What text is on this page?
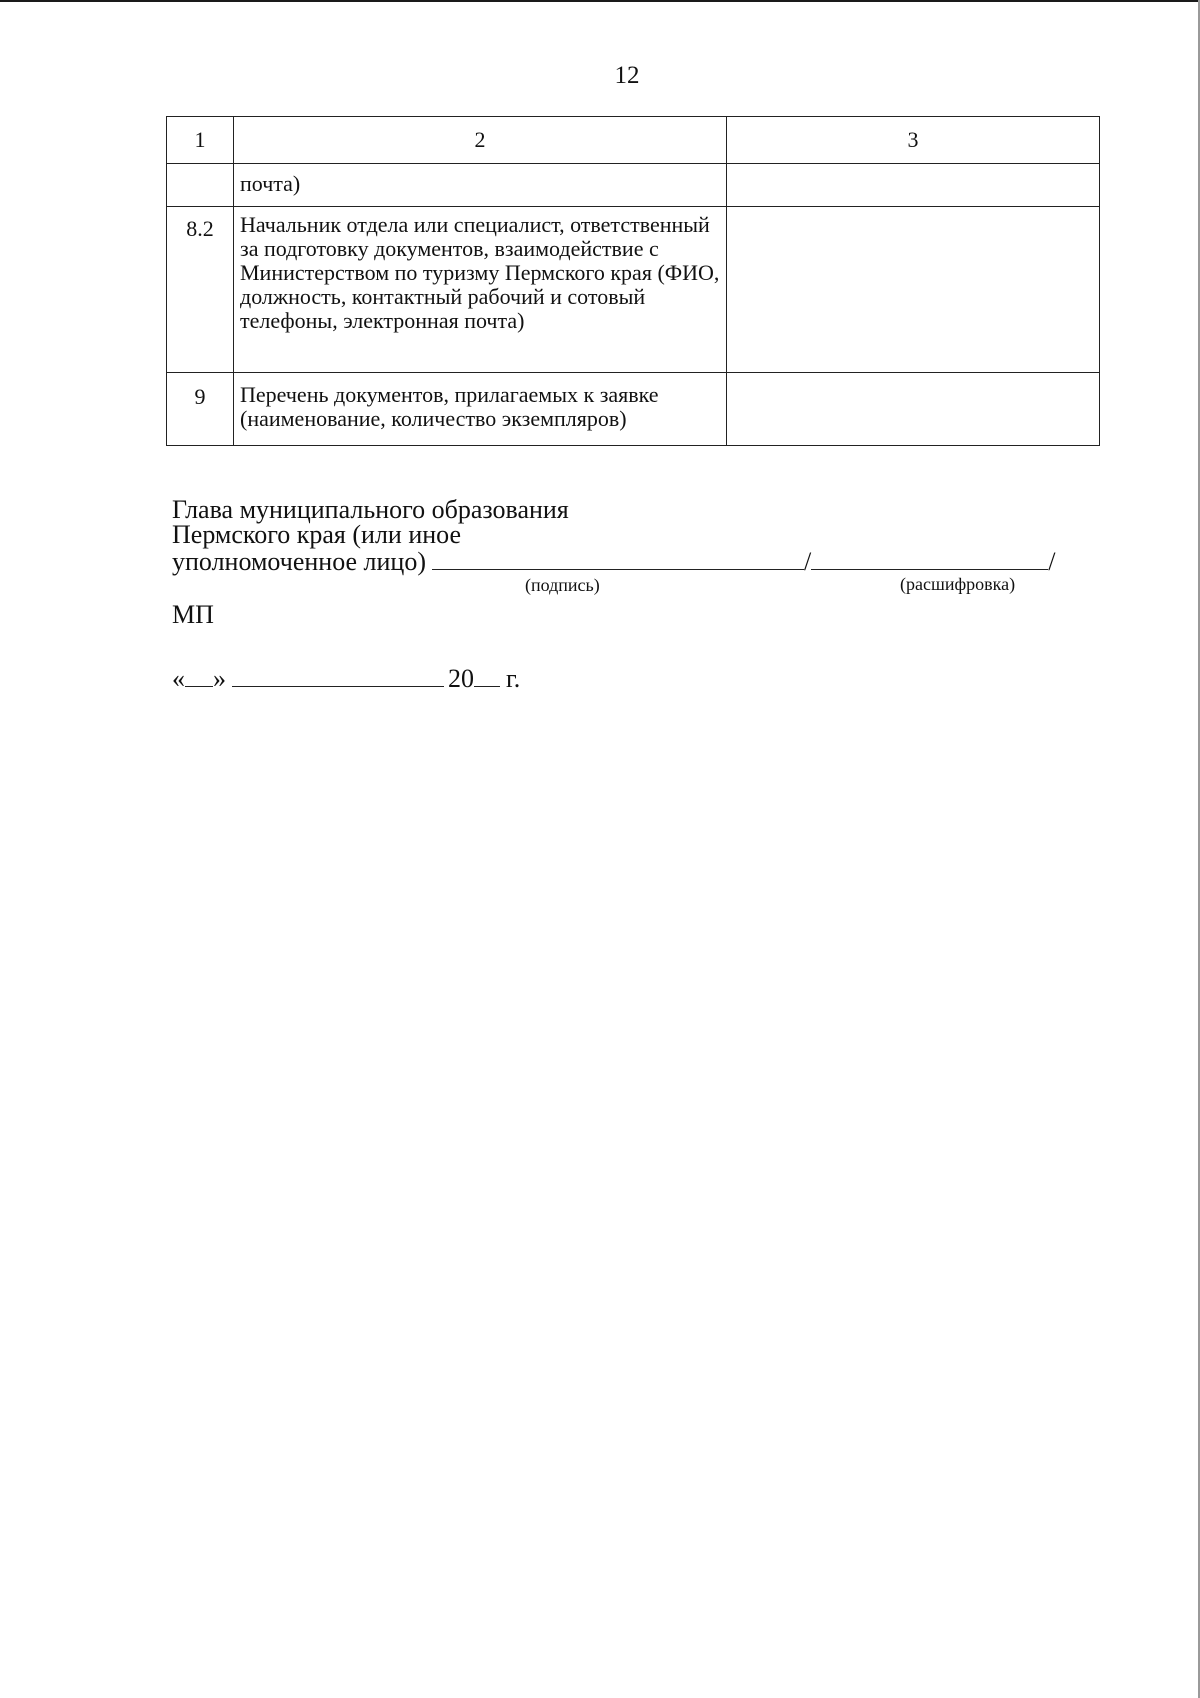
12
1	2	3
	почта)	
8.2	Начальник отдела или специалист, ответственный за подготовку документов, взаимодействие с Министерством по туризму Пермского края (ФИО, должность, контактный рабочий и сотовый телефоны, электронная почта)	
9	Перечень документов, прилагаемых к заявке (наименование, количество экземпляров)	
Глава муниципального образования
Пермского края (или иное
уполномоченное лицо)	/	/
(подпись)	(расшифровка)
МП
« »	20 г.
